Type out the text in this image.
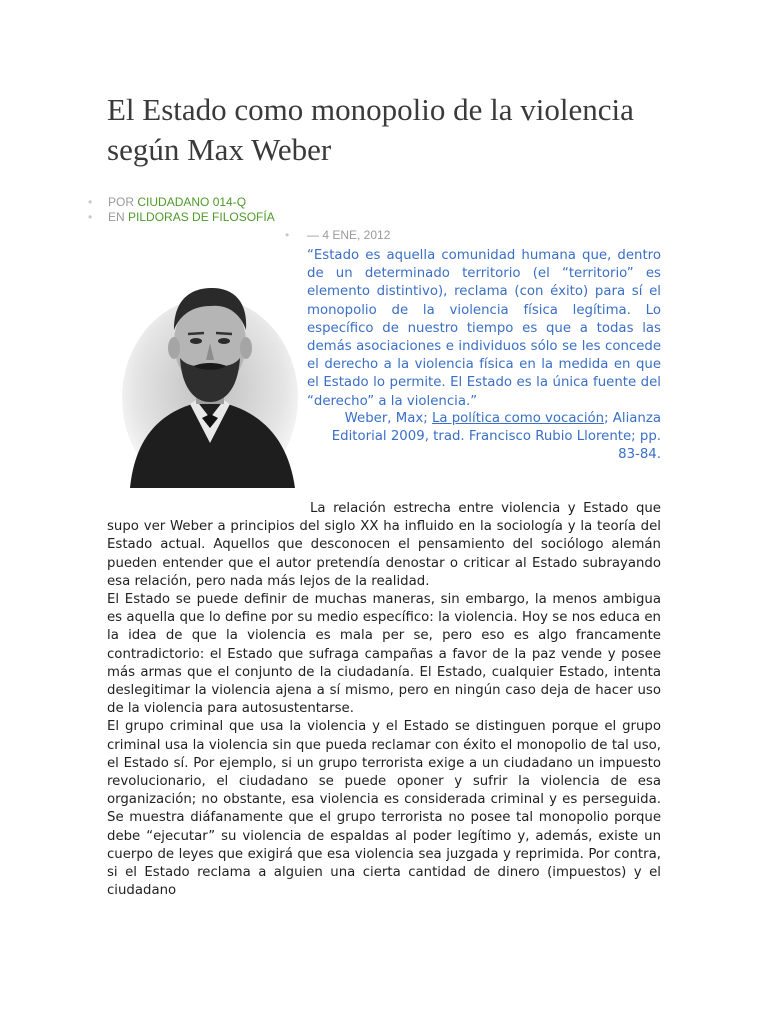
El Estado como monopolio de la violencia según Max Weber
• POR CIUDADANO 014-Q
• EN PILDORAS DE FILOSOFÍA
• — 4 ENE, 2012

“Estado es aquella comunidad humana que, dentro de un determinado territorio (el “territorio” es elemento distintivo), reclama (con éxito) para sí el monopolio de la violencia física legítima. Lo específico de nuestro tiempo es que a todas las demás asociaciones e individuos sólo se les concede el derecho a la violencia física en la medida en que el Estado lo permite. El Estado es la única fuente del “derecho” a la violencia.”

Weber, Max; La política como vocación; Alianza Editorial 2009, trad. Francisco Rubio Llorente; pp. 83-84.

La relación estrecha entre violencia y Estado que supo ver Weber a principios del siglo XX ha influido en la sociología y la teoría del Estado actual. Aquellos que desconocen el pensamiento del sociólogo alemán pueden entender que el autor pretendía denostar o criticar al Estado subrayando esa relación, pero nada más lejos de la realidad.

El Estado se puede definir de muchas maneras, sin embargo, la menos ambigua es aquella que lo define por su medio específico: la violencia. Hoy se nos educa en la idea de que la violencia es mala per se, pero eso es algo francamente contradictorio: el Estado que sufraga campañas a favor de la paz vende y posee más armas que el conjunto de la ciudadanía. El Estado, cualquier Estado, intenta deslegitimar la violencia ajena a sí mismo, pero en ningún caso deja de hacer uso de la violencia para autosustentarse.

El grupo criminal que usa la violencia y el Estado se distinguen porque el grupo criminal usa la violencia sin que pueda reclamar con éxito el monopolio de tal uso, el Estado sí. Por ejemplo, si un grupo terrorista exige a un ciudadano un impuesto revolucionario, el ciudadano se puede oponer y sufrir la violencia de esa organización; no obstante, esa violencia es considerada criminal y es perseguida. Se muestra diáfanamente que el grupo terrorista no posee tal monopolio porque debe “ejecutar” su violencia de espaldas al poder legítimo y, además, existe un cuerpo de leyes que exigirá que esa violencia sea juzgada y reprimida. Por contra, si el Estado reclama a alguien una cierta cantidad de dinero (impuestos) y el ciudadano
